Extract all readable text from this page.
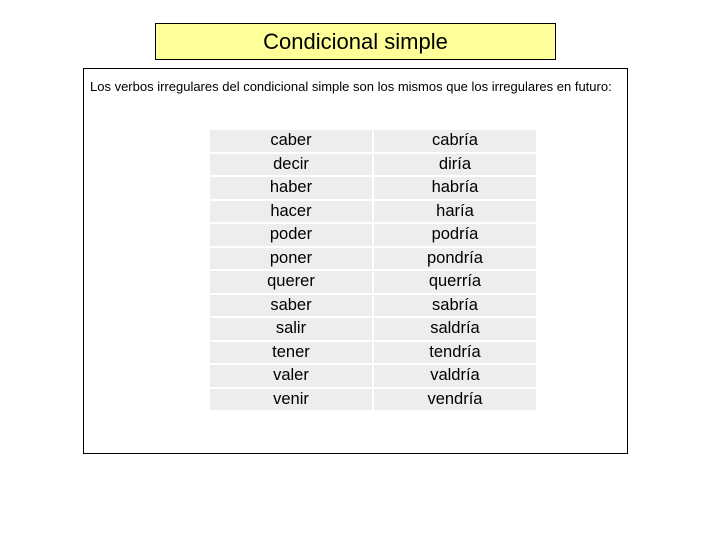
Condicional simple
Los verbos irregulares del condicional simple son los mismos que los irregulares en futuro:
caber	cabría
decir	diría
haber	habría
hacer	haría
poder	podría
poner	pondría
querer	querría
saber	sabría
salir	saldría
tener	tendría
valer	valdría
venir	vendría
